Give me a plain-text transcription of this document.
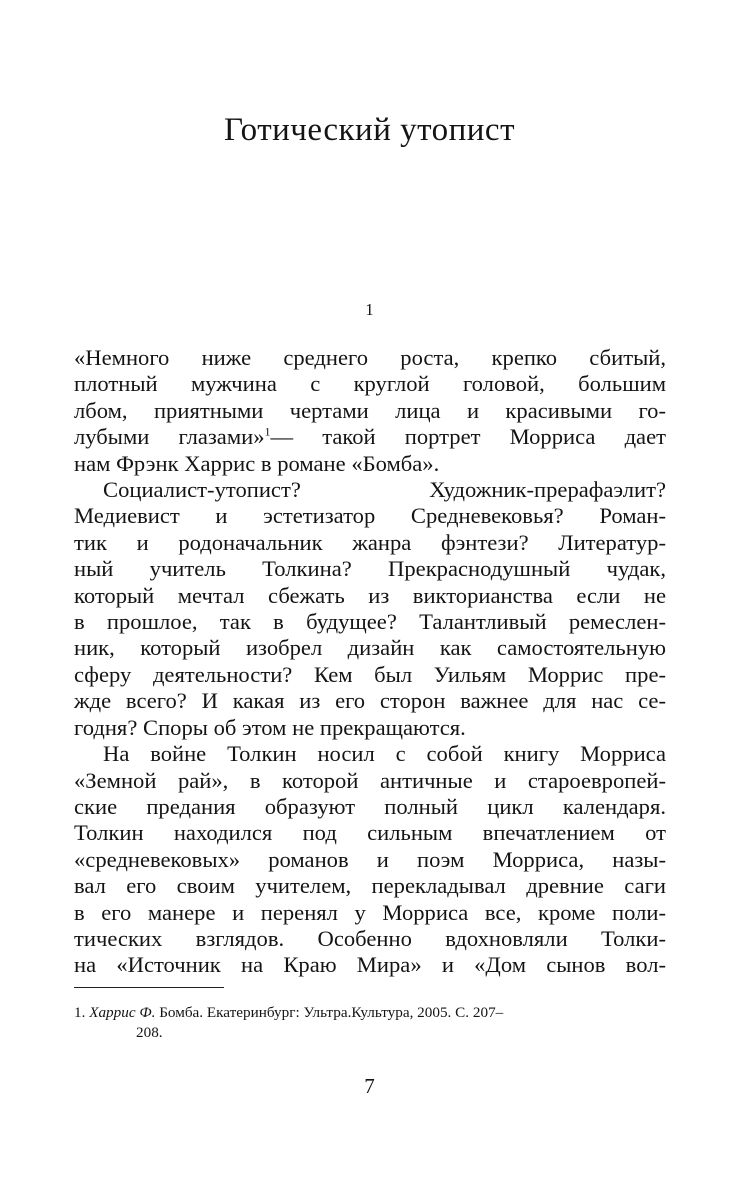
Готический утопист
1

«Немного ниже среднего роста, крепко сбитый,
плотный мужчина с круглой головой, большим
лбом, приятными чертами лица и красивыми го-
лубыми глазами»$^1$— такой портрет Морриса дает
нам Фрэнк Харрис в романе «Бомба».

Социалист-утопист? Художник-прерафаэлит?
Медиевист и эстетизатор Средневековья? Роман-
тик и родоначальник жанра фэнтези? Литератур-
ный учитель Толкина? Прекраснодушный чудак,
который мечтал сбежать из викторианства если не
в прошлое, так в будущее? Талантливый ремеслен-
ник, который изобрел дизайн как самостоятельную
сферу деятельности? Кем был Уильям Моррис пре-
жде всего? И какая из его сторон важнее для нас се-
годня? Споры об этом не прекращаются.

На войне Толкин носил с собой книгу Морриса
«Земной рай», в которой античные и староевропей-
ские предания образуют полный цикл календаря.
Толкин находился под сильным впечатлением от
«средневековых» романов и поэм Морриса, назы-
вал его своим учителем, перекладывал древние саги
в его манере и перенял у Морриса все, кроме поли-
тических взглядов. Особенно вдохновляли Толки-
на «Источник на Краю Мира» и «Дом сынов вол-

1. Харрис Ф. Бомба. Екатеринбург: Ультра.Культура, 2005. С. 207–
208.
7
